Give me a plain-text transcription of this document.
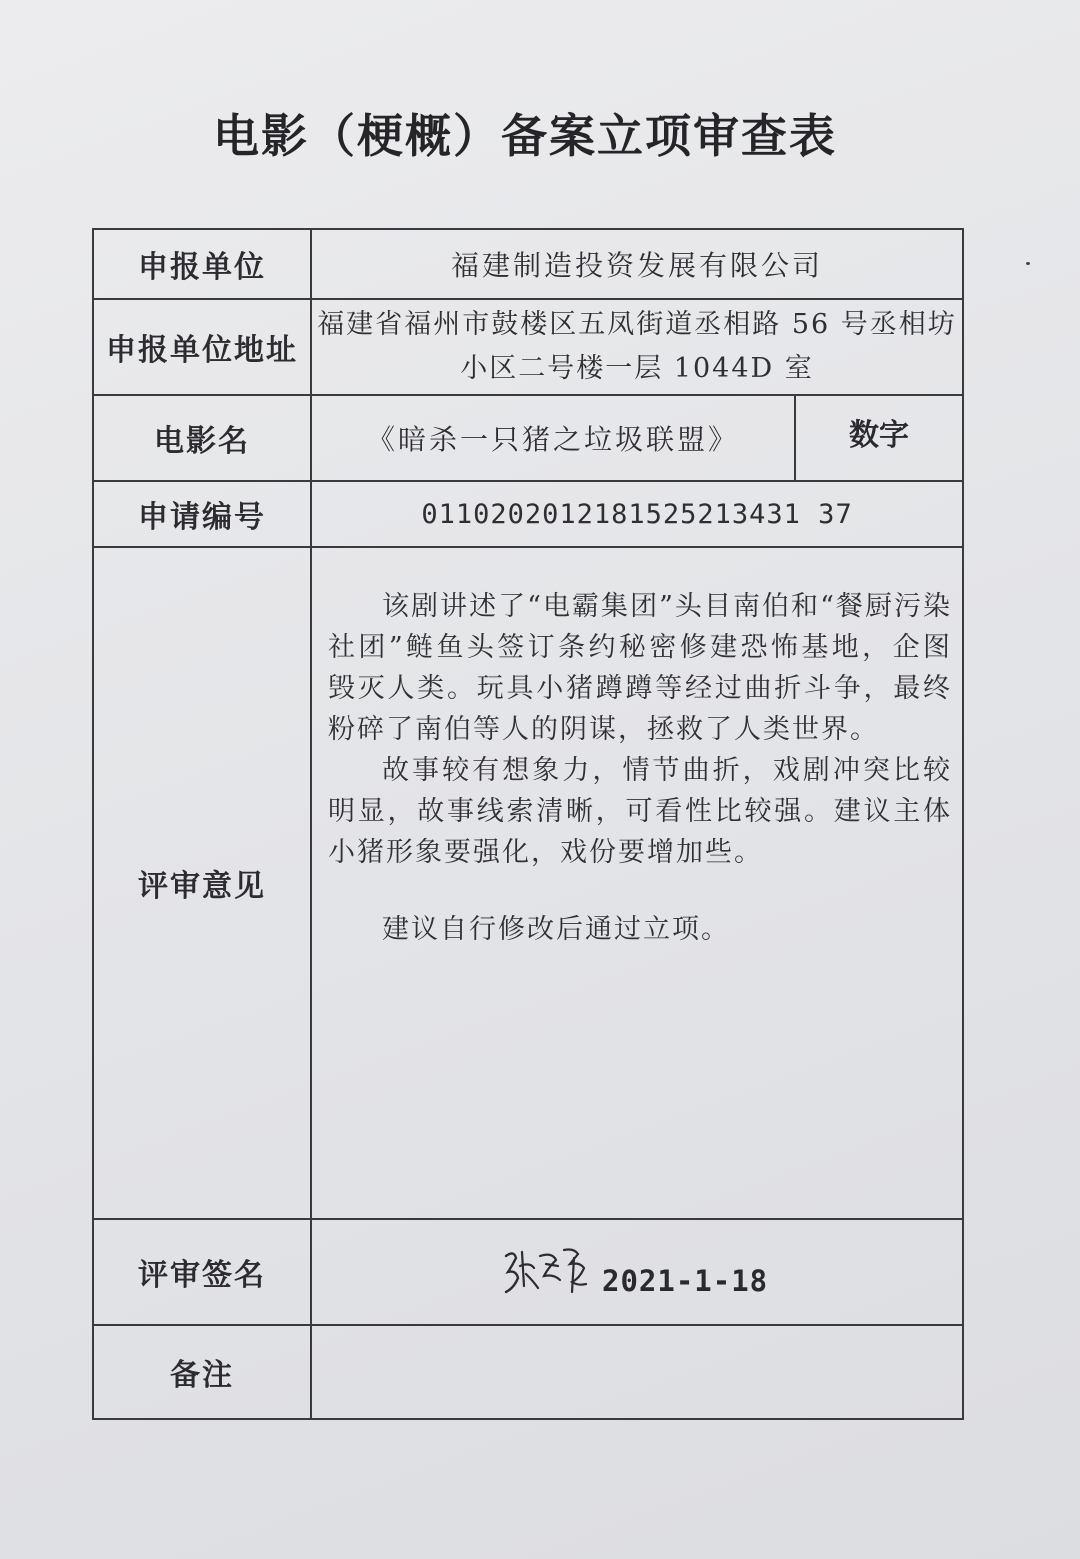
电影（梗概）备案立项审查表
申报单位	福建制造投资发展有限公司	
申报单位地址	福建省福州市鼓楼区五凤街道丞相路 56 号丞相坊
小区二号楼一层 1044D 室	

电影名	《暗杀一只猪之垃圾联盟》	数字
申请编号	0110202012181525213431 37	
评审意见	该剧讲述了“电霸集团”头目南伯和“餐厨污染社团”鲢鱼头签订条约秘密修建恐怖基地，企图毁灭人类。玩具小猪蹲蹲等经过曲折斗争，最终粉碎了南伯等人的阴谋，拯救了人类世界。

故事较有想象力，情节曲折，戏剧冲突比较明显，故事线索清晰，可看性比较强。建议主体小猪形象要强化，戏份要增加些。

建议自行修改后通过立项。	

评审签名	2021-1-18	

备注		
